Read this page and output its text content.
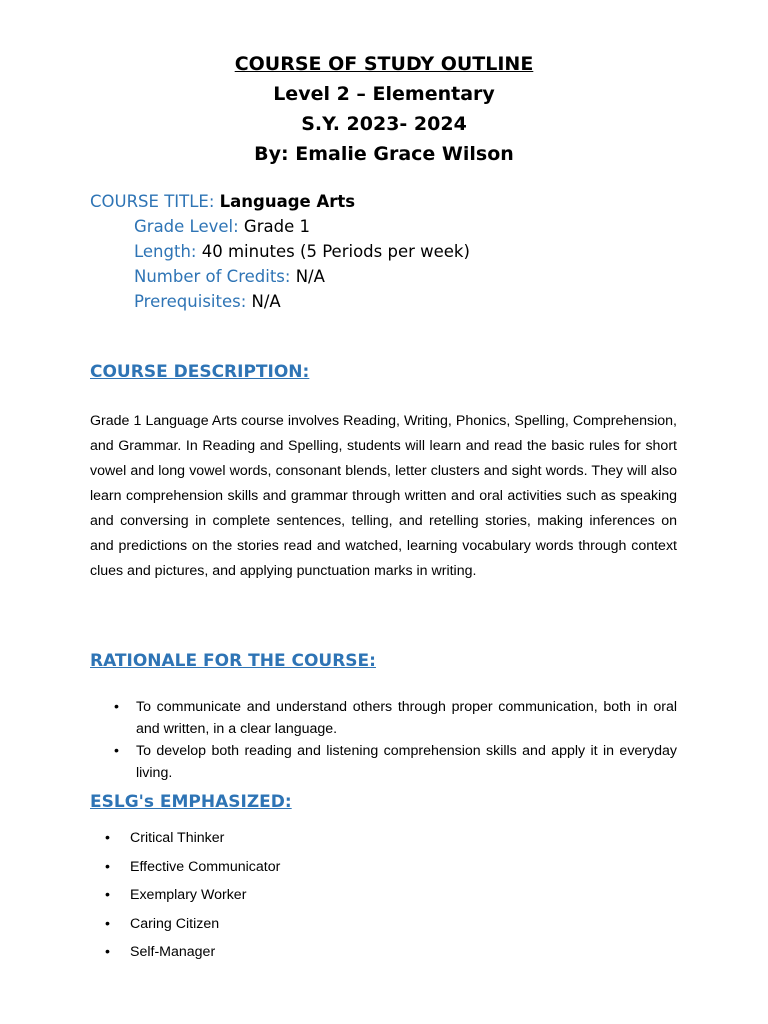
COURSE OF STUDY OUTLINE
Level 2 – Elementary
S.Y. 2023- 2024
By: Emalie Grace Wilson
COURSE TITLE: Language Arts
Grade Level: Grade 1
Length: 40 minutes (5 Periods per week)
Number of Credits: N/A
Prerequisites: N/A
COURSE DESCRIPTION:
Grade 1 Language Arts course involves Reading, Writing, Phonics, Spelling, Comprehension, and Grammar. In Reading and Spelling, students will learn and read the basic rules for short vowel and long vowel words, consonant blends, letter clusters and sight words. They will also learn comprehension skills and grammar through written and oral activities such as speaking and conversing in complete sentences, telling, and retelling stories, making inferences on and predictions on the stories read and watched, learning vocabulary words through context clues and pictures, and applying punctuation marks in writing.
RATIONALE FOR THE COURSE:
• To communicate and understand others through proper communication, both in oral and written, in a clear language.
• To develop both reading and listening comprehension skills and apply it in everyday living.
ESLG's EMPHASIZED:
• Critical Thinker
• Effective Communicator
• Exemplary Worker
• Caring Citizen
• Self-Manager
